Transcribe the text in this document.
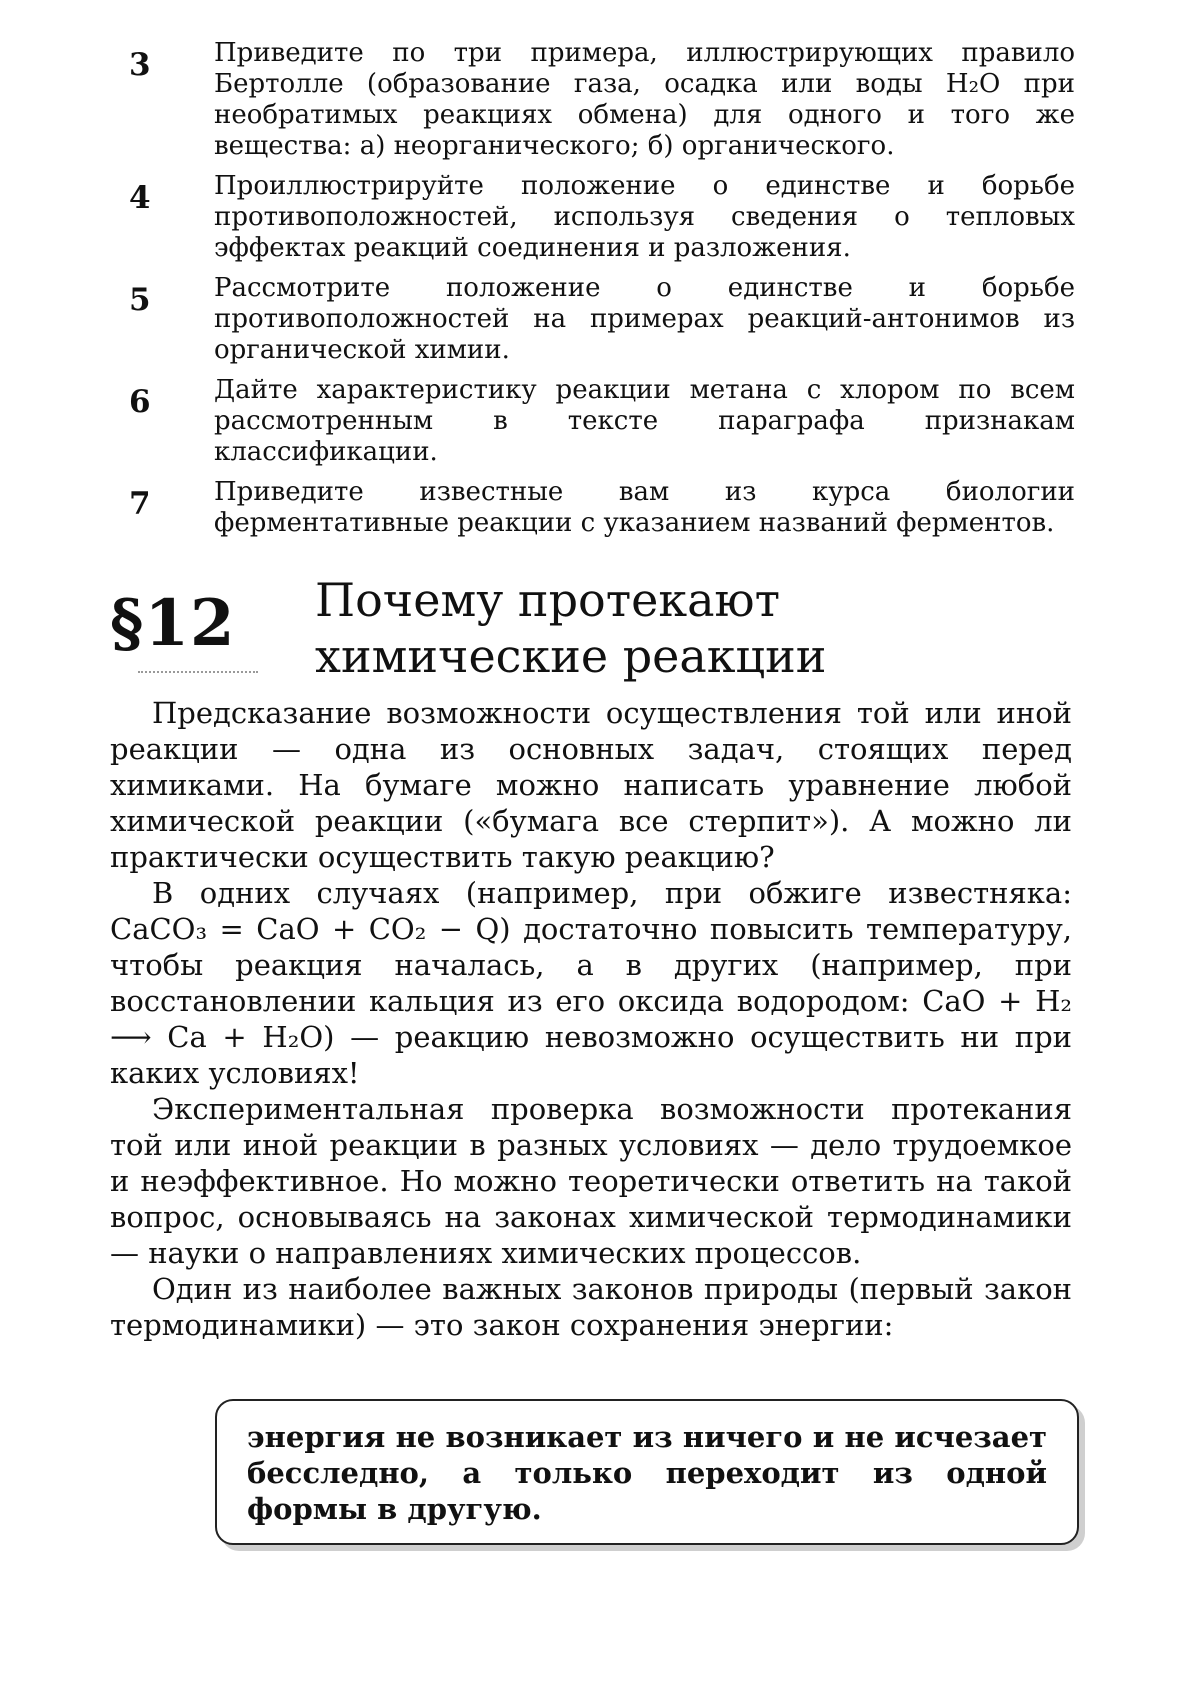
3	Приведите по три примера, иллюстрирующих правило Бертолле (образование газа, осадка или воды H₂O при необратимых реакциях обмена) для одного и того же вещества: а) неорганического; б) органического.
4	Проиллюстрируйте положение о единстве и борьбе противоположностей, используя сведения о тепловых эффектах реакций соединения и разложения.
5	Рассмотрите положение о единстве и борьбе противоположностей на примерах реакций-антонимов из органической химии.
6	Дайте характеристику реакции метана с хлором по всем рассмотренным в тексте параграфа признакам классификации.
7	Приведите известные вам из курса биологии ферментативные реакции с указанием названий ферментов.
§12 Почему протекают
химические реакции

Предсказание возможности осуществления той или иной реакции — одна из основных задач, стоящих перед химиками. На бумаге можно написать уравнение любой химической реакции («бумага все стерпит»). А можно ли практически осуществить такую реакцию?

В одних случаях (например, при обжиге известняка: CaCO₃ = CaO + CO₂ − Q) достаточно повысить температуру, чтобы реакция началась, а в других (например, при восстановлении кальция из его оксида водородом: CaO + H₂ ⟶ Ca + H₂O) — реакцию невозможно осуществить ни при каких условиях!

Экспериментальная проверка возможности протекания той или иной реакции в разных условиях — дело трудоемкое и неэффективное. Но можно теоретически ответить на такой вопрос, основываясь на законах химической термодинамики — науки о направлениях химических процессов.

Один из наиболее важных законов природы (первый закон термодинамики) — это закон сохранения энергии:

энергия не возникает из ничего и не исчезает бесследно, а только переходит из одной формы в другую.
